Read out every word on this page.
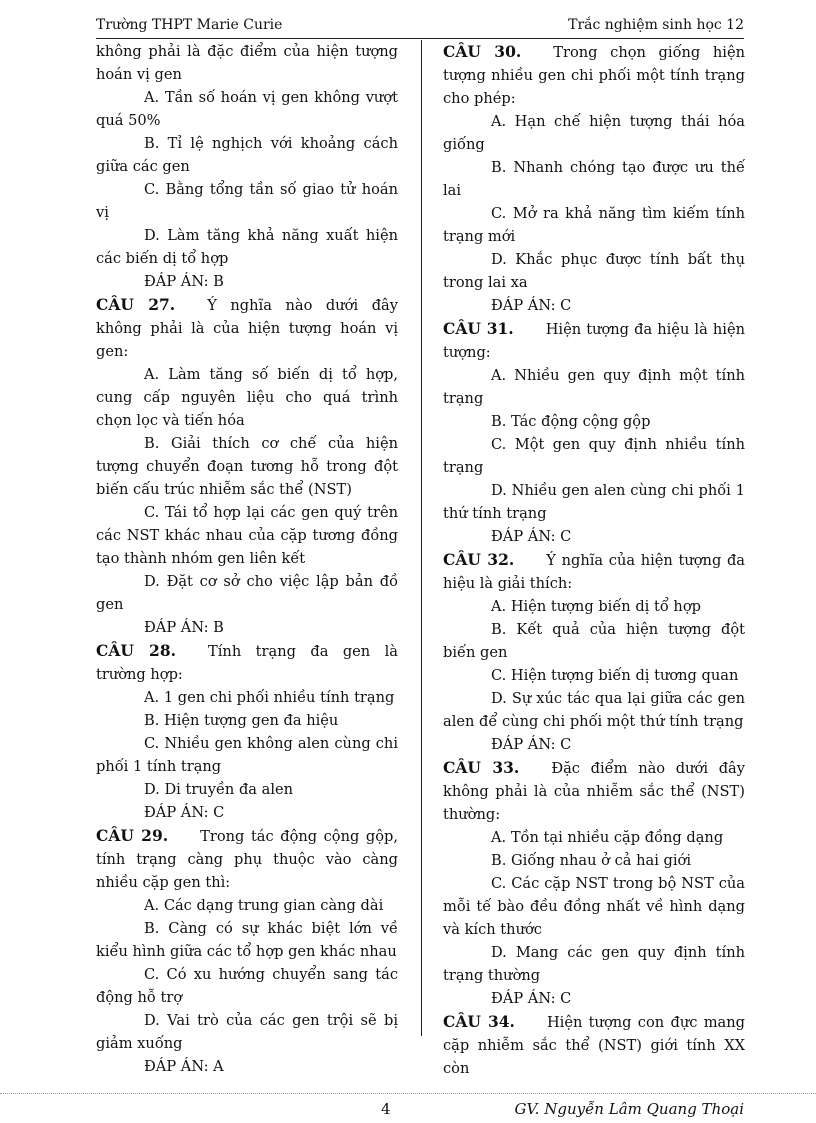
Trường THPT Marie Curie	Trắc nghiệm sinh học 12

không phải là đặc điểm của hiện tượng hoán vị gen

A. Tần số hoán vị gen không vượt quá 50%

B. Tỉ lệ nghịch với khoảng cách giữa các gen

C. Bằng tổng tần số giao tử hoán vị

D. Làm tăng khả năng xuất hiện các biến dị tổ hợp

ĐÁP ÁN: B

CÂU 27. Ý nghĩa nào dưới đây không phải là của hiện tượng hoán vị gen:

A. Làm tăng số biến dị tổ hợp, cung cấp nguyên liệu cho quá trình chọn lọc và tiến hóa

B. Giải thích cơ chế của hiện tượng chuyển đoạn tương hỗ trong đột biến cấu trúc nhiễm sắc thể (NST)

C. Tái tổ hợp lại các gen quý trên các NST khác nhau của cặp tương đồng tạo thành nhóm gen liên kết

D. Đặt cơ sở cho việc lập bản đồ gen

ĐÁP ÁN: B

CÂU 28. Tính trạng đa gen là trường hợp:

A. 1 gen chi phối nhiều tính trạng

B. Hiện tượng gen đa hiệu

C. Nhiều gen không alen cùng chi phối 1 tính trạng

D. Di truyền đa alen

ĐÁP ÁN: C

CÂU 29. Trong tác động cộng gộp, tính trạng càng phụ thuộc vào càng nhiều cặp gen thì:

A. Các dạng trung gian càng dài

B. Càng có sự khác biệt lớn về kiểu hình giữa các tổ hợp gen khác nhau

C. Có xu hướng chuyển sang tác động hỗ trợ

D. Vai trò của các gen trội sẽ bị giảm xuống

ĐÁP ÁN: A

CÂU 30. Trong chọn giống hiện tượng nhiều gen chi phối một tính trạng cho phép:

A. Hạn chế hiện tượng thái hóa giống

B. Nhanh chóng tạo được ưu thế lai

C. Mở ra khả năng tìm kiếm tính trạng mới

D. Khắc phục được tính bất thụ trong lai xa

ĐÁP ÁN: C

CÂU 31. Hiện tượng đa hiệu là hiện tượng:

A. Nhiều gen quy định một tính trạng

B. Tác động cộng gộp

C. Một gen quy định nhiều tính trạng

D. Nhiều gen alen cùng chi phối 1 thứ tính trạng

ĐÁP ÁN: C

CÂU 32. Ý nghĩa của hiện tượng đa hiệu là giải thích:

A. Hiện tượng biến dị tổ hợp

B. Kết quả của hiện tượng đột biến gen

C. Hiện tượng biến dị tương quan

D. Sự xúc tác qua lại giữa các gen alen để cùng chi phối một thứ tính trạng

ĐÁP ÁN: C

CÂU 33. Đặc điểm nào dưới đây không phải là của nhiễm sắc thể (NST) thường:

A. Tồn tại nhiều cặp đồng dạng

B. Giống nhau ở cả hai giới

C. Các cặp NST trong bộ NST của mỗi tế bào đều đồng nhất về hình dạng và kích thước

D. Mang các gen quy định tính trạng thường

ĐÁP ÁN: C

CÂU 34. Hiện tượng con đực mang cặp nhiễm sắc thể (NST) giới tính XX còn

4	GV. Nguyễn Lâm Quang Thoại
